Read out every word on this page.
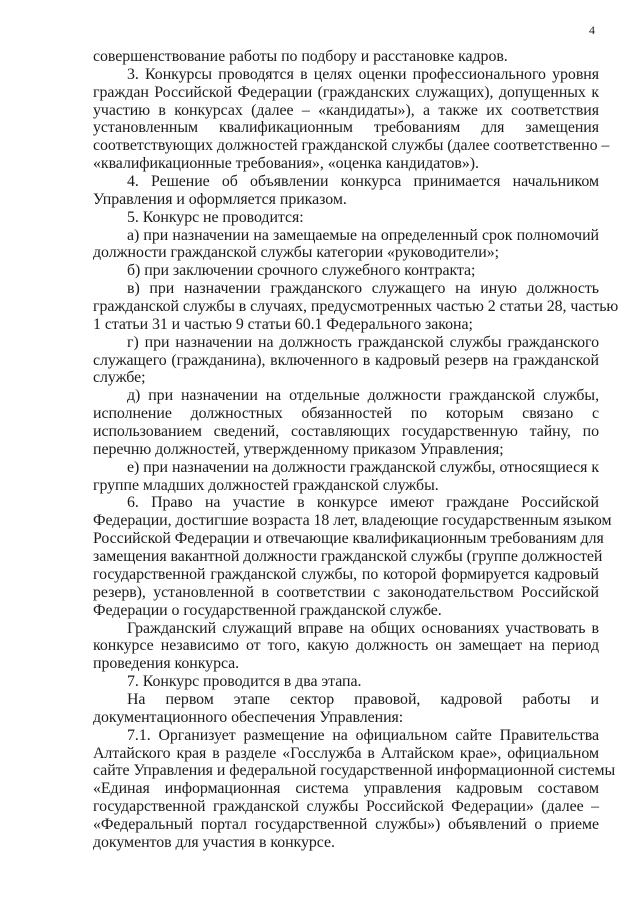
4
совершенствование работы по подбору и расстановке кадров.
3. Конкурсы проводятся в целях оценки профессионального уровня
граждан Российской Федерации (гражданских служащих), допущенных к
участию в конкурсах (далее – «кандидаты»), а также их соответствия
установленным квалификационным требованиям для замещения
соответствующих должностей гражданской службы (далее соответственно –
«квалификационные требования», «оценка кандидатов»).
4. Решение об объявлении конкурса принимается начальником
Управления и оформляется приказом.
5. Конкурс не проводится:
а) при назначении на замещаемые на определенный срок полномочий
должности гражданской службы категории «руководители»;
б) при заключении срочного служебного контракта;
в) при назначении гражданского служащего на иную должность
гражданской службы в случаях, предусмотренных частью 2 статьи 28, частью
1 статьи 31 и частью 9 статьи 60.1 Федерального закона;
г) при назначении на должность гражданской службы гражданского
служащего (гражданина), включенного в кадровый резерв на гражданской
службе;
д) при назначении на отдельные должности гражданской службы,
исполнение должностных обязанностей по которым связано с
использованием сведений, составляющих государственную тайну, по
перечню должностей, утвержденному приказом Управления;
е) при назначении на должности гражданской службы, относящиеся к
группе младших должностей гражданской службы.
6. Право на участие в конкурсе имеют граждане Российской
Федерации, достигшие возраста 18 лет, владеющие государственным языком
Российской Федерации и отвечающие квалификационным требованиям для
замещения вакантной должности гражданской службы (группе должностей
государственной гражданской службы, по которой формируется кадровый
резерв), установленной в соответствии с законодательством Российской
Федерации о государственной гражданской службе.
Гражданский служащий вправе на общих основаниях участвовать в
конкурсе независимо от того, какую должность он замещает на период
проведения конкурса.
7. Конкурс проводится в два этапа.
На первом этапе сектор правовой, кадровой работы и
документационного обеспечения Управления:
7.1. Организует размещение на официальном сайте Правительства
Алтайского края в разделе «Госслужба в Алтайском крае», официальном
сайте Управления и федеральной государственной информационной системы
«Единая информационная система управления кадровым составом
государственной гражданской службы Российской Федерации» (далее –
«Федеральный портал государственной службы») объявлений о приеме
документов для участия в конкурсе.
